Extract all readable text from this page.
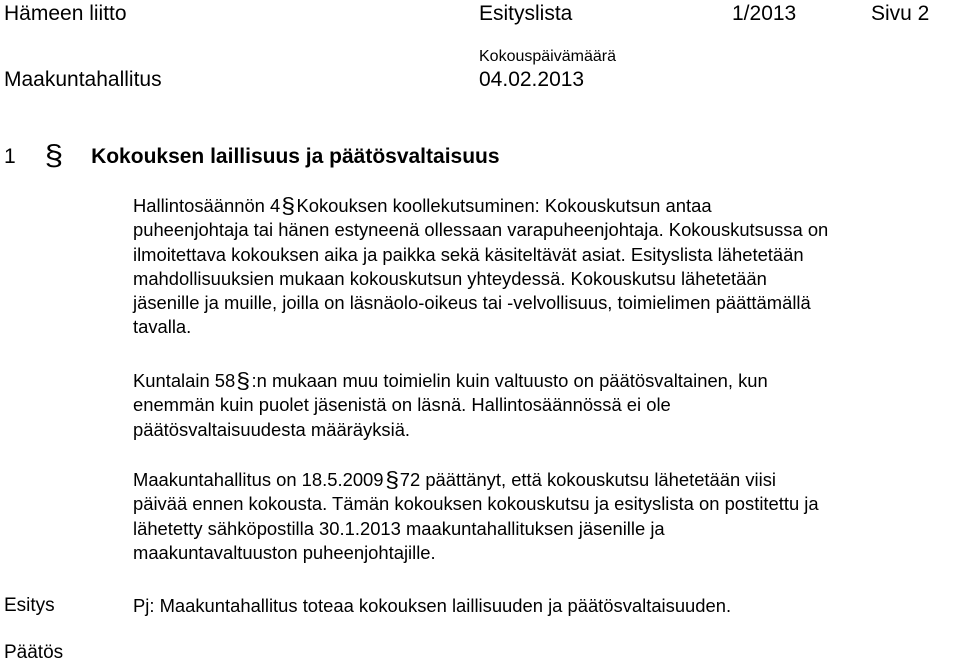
Hämeen liitto	Esityslista	1/2013	Sivu 2
Kokouspäivämäärä
Maakuntahallitus	04.02.2013
1 § Kokouksen laillisuus ja päätösvaltaisuus

Hallintosäännön 4§Kokouksen koollekutsuminen: Kokouskutsun antaa

puheenjohtaja tai hänen estyneenä ollessaan varapuheenjohtaja. Kokouskutsussa on

ilmoitettava kokouksen aika ja paikka sekä käsiteltävät asiat. Esityslista lähetetään

mahdollisuuksien mukaan kokouskutsun yhteydessä. Kokouskutsu lähetetään

jäsenille ja muille, joilla on läsnäolo-oikeus tai -velvollisuus, toimielimen päättämällä

tavalla.

Kuntalain 58§:n mukaan muu toimielin kuin valtuusto on päätösvaltainen, kun

enemmän kuin puolet jäsenistä on läsnä. Hallintosäännössä ei ole

päätösvaltaisuudesta määräyksiä.

Maakuntahallitus on 18.5.2009§72 päättänyt, että kokouskutsu lähetetään viisi

päivää ennen kokousta. Tämän kokouksen kokouskutsu ja esityslista on postitettu ja

lähetetty sähköpostilla 30.1.2013 maakuntahallituksen jäsenille ja

maakuntavaltuuston puheenjohtajille.

Esitys	Pj: Maakuntahallitus toteaa kokouksen laillisuuden ja päätösvaltaisuuden.
Päätös
